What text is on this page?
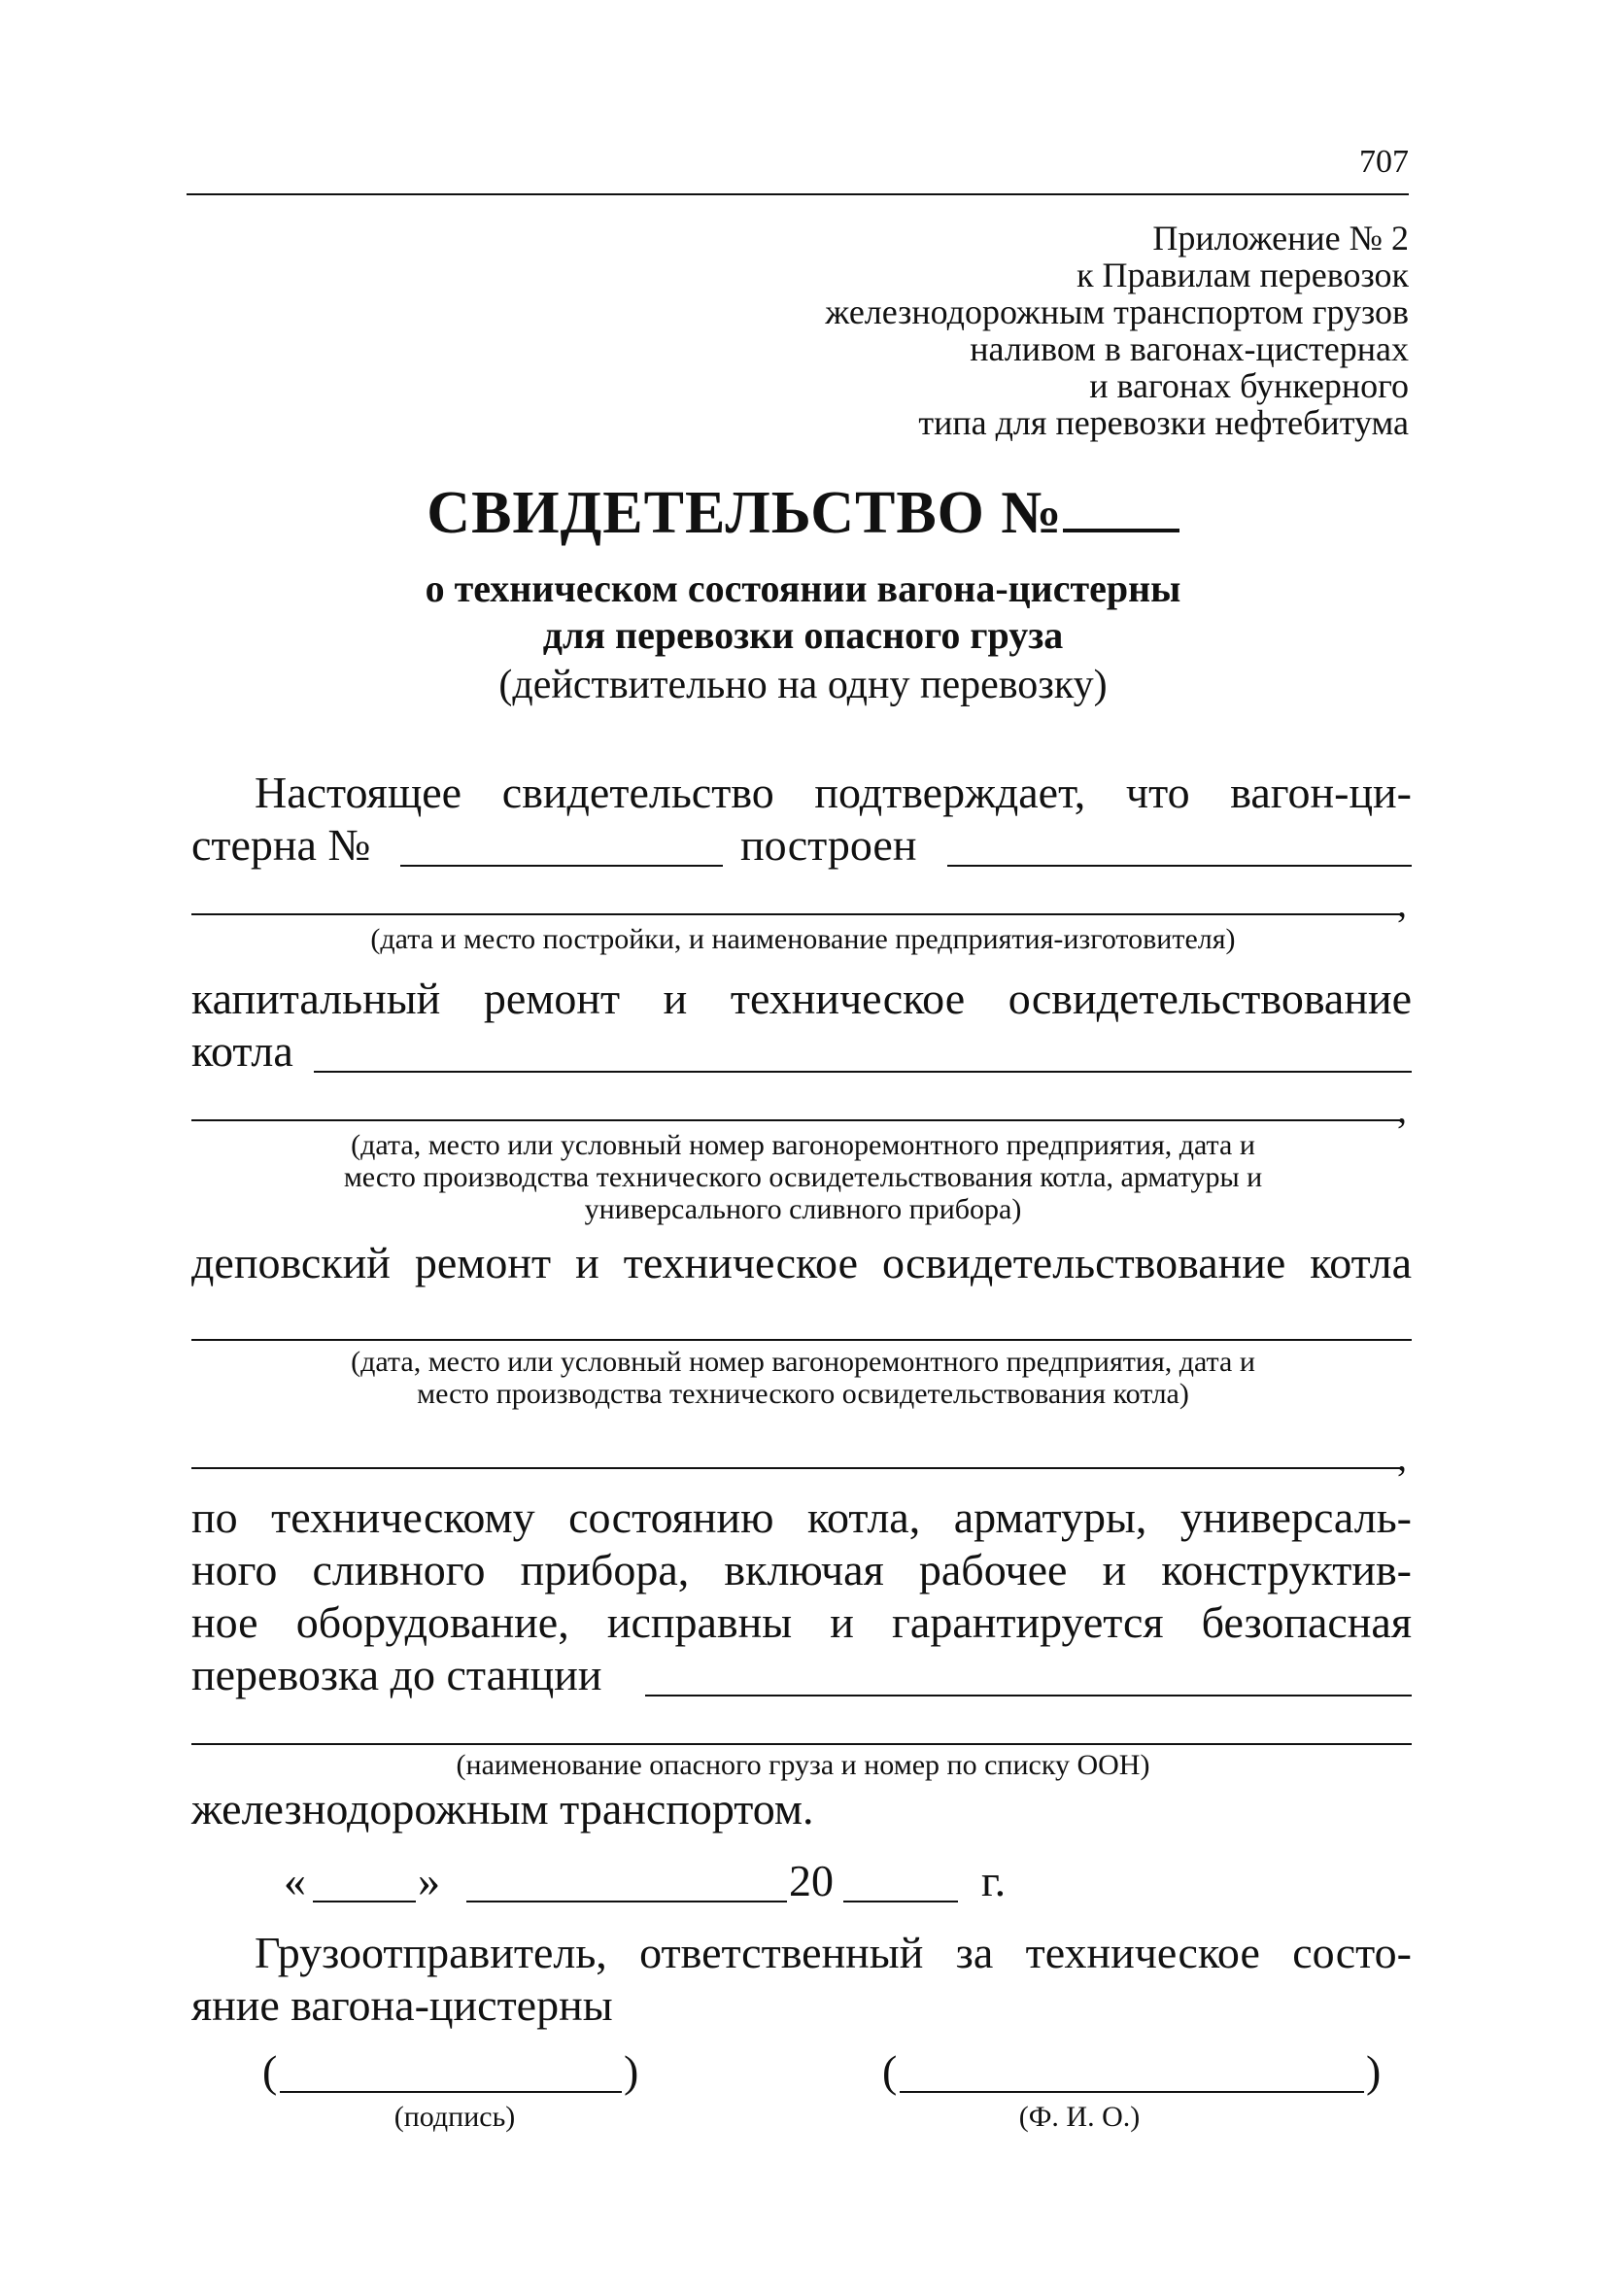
707
Приложение № 2
к Правилам перевозок
железнодорожным транспортом грузов
наливом в вагонах-цистернах
и вагонах бункерного
типа для перевозки нефтебитума
СВИДЕТЕЛЬСТВО №
о техническом состоянии вагона-цистерны
для перевозки опасного груза
(действительно на одну перевозку)
Настоящее свидетельство подтверждает, что вагон-ци-
стерна №	построен
,
(дата и место постройки, и наименование предприятия-изготовителя)
капитальный ремонт и техническое освидетельствование
котла
,
(дата, место или условный номер вагоноремонтного предприятия, дата и
место производства технического освидетельствования котла, арматуры и
универсального сливного прибора)
деповский ремонт и техническое освидетельствование котла
(дата, место или условный номер вагоноремонтного предприятия, дата и
место производства технического освидетельствования котла)
,
по техническому состоянию котла, арматуры, универсаль-
ного сливного прибора, включая рабочее и конструктив-
ное оборудование, исправны и гарантируется безопасная
перевозка до станции
(наименование опасного груза и номер по списку ООН)
железнодорожным транспортом.
«	»	20	г.
Грузоотправитель, ответственный за техническое состо-
яние вагона-цистерны
(	)
(подпись)
(	)
(Ф. И. О.)
